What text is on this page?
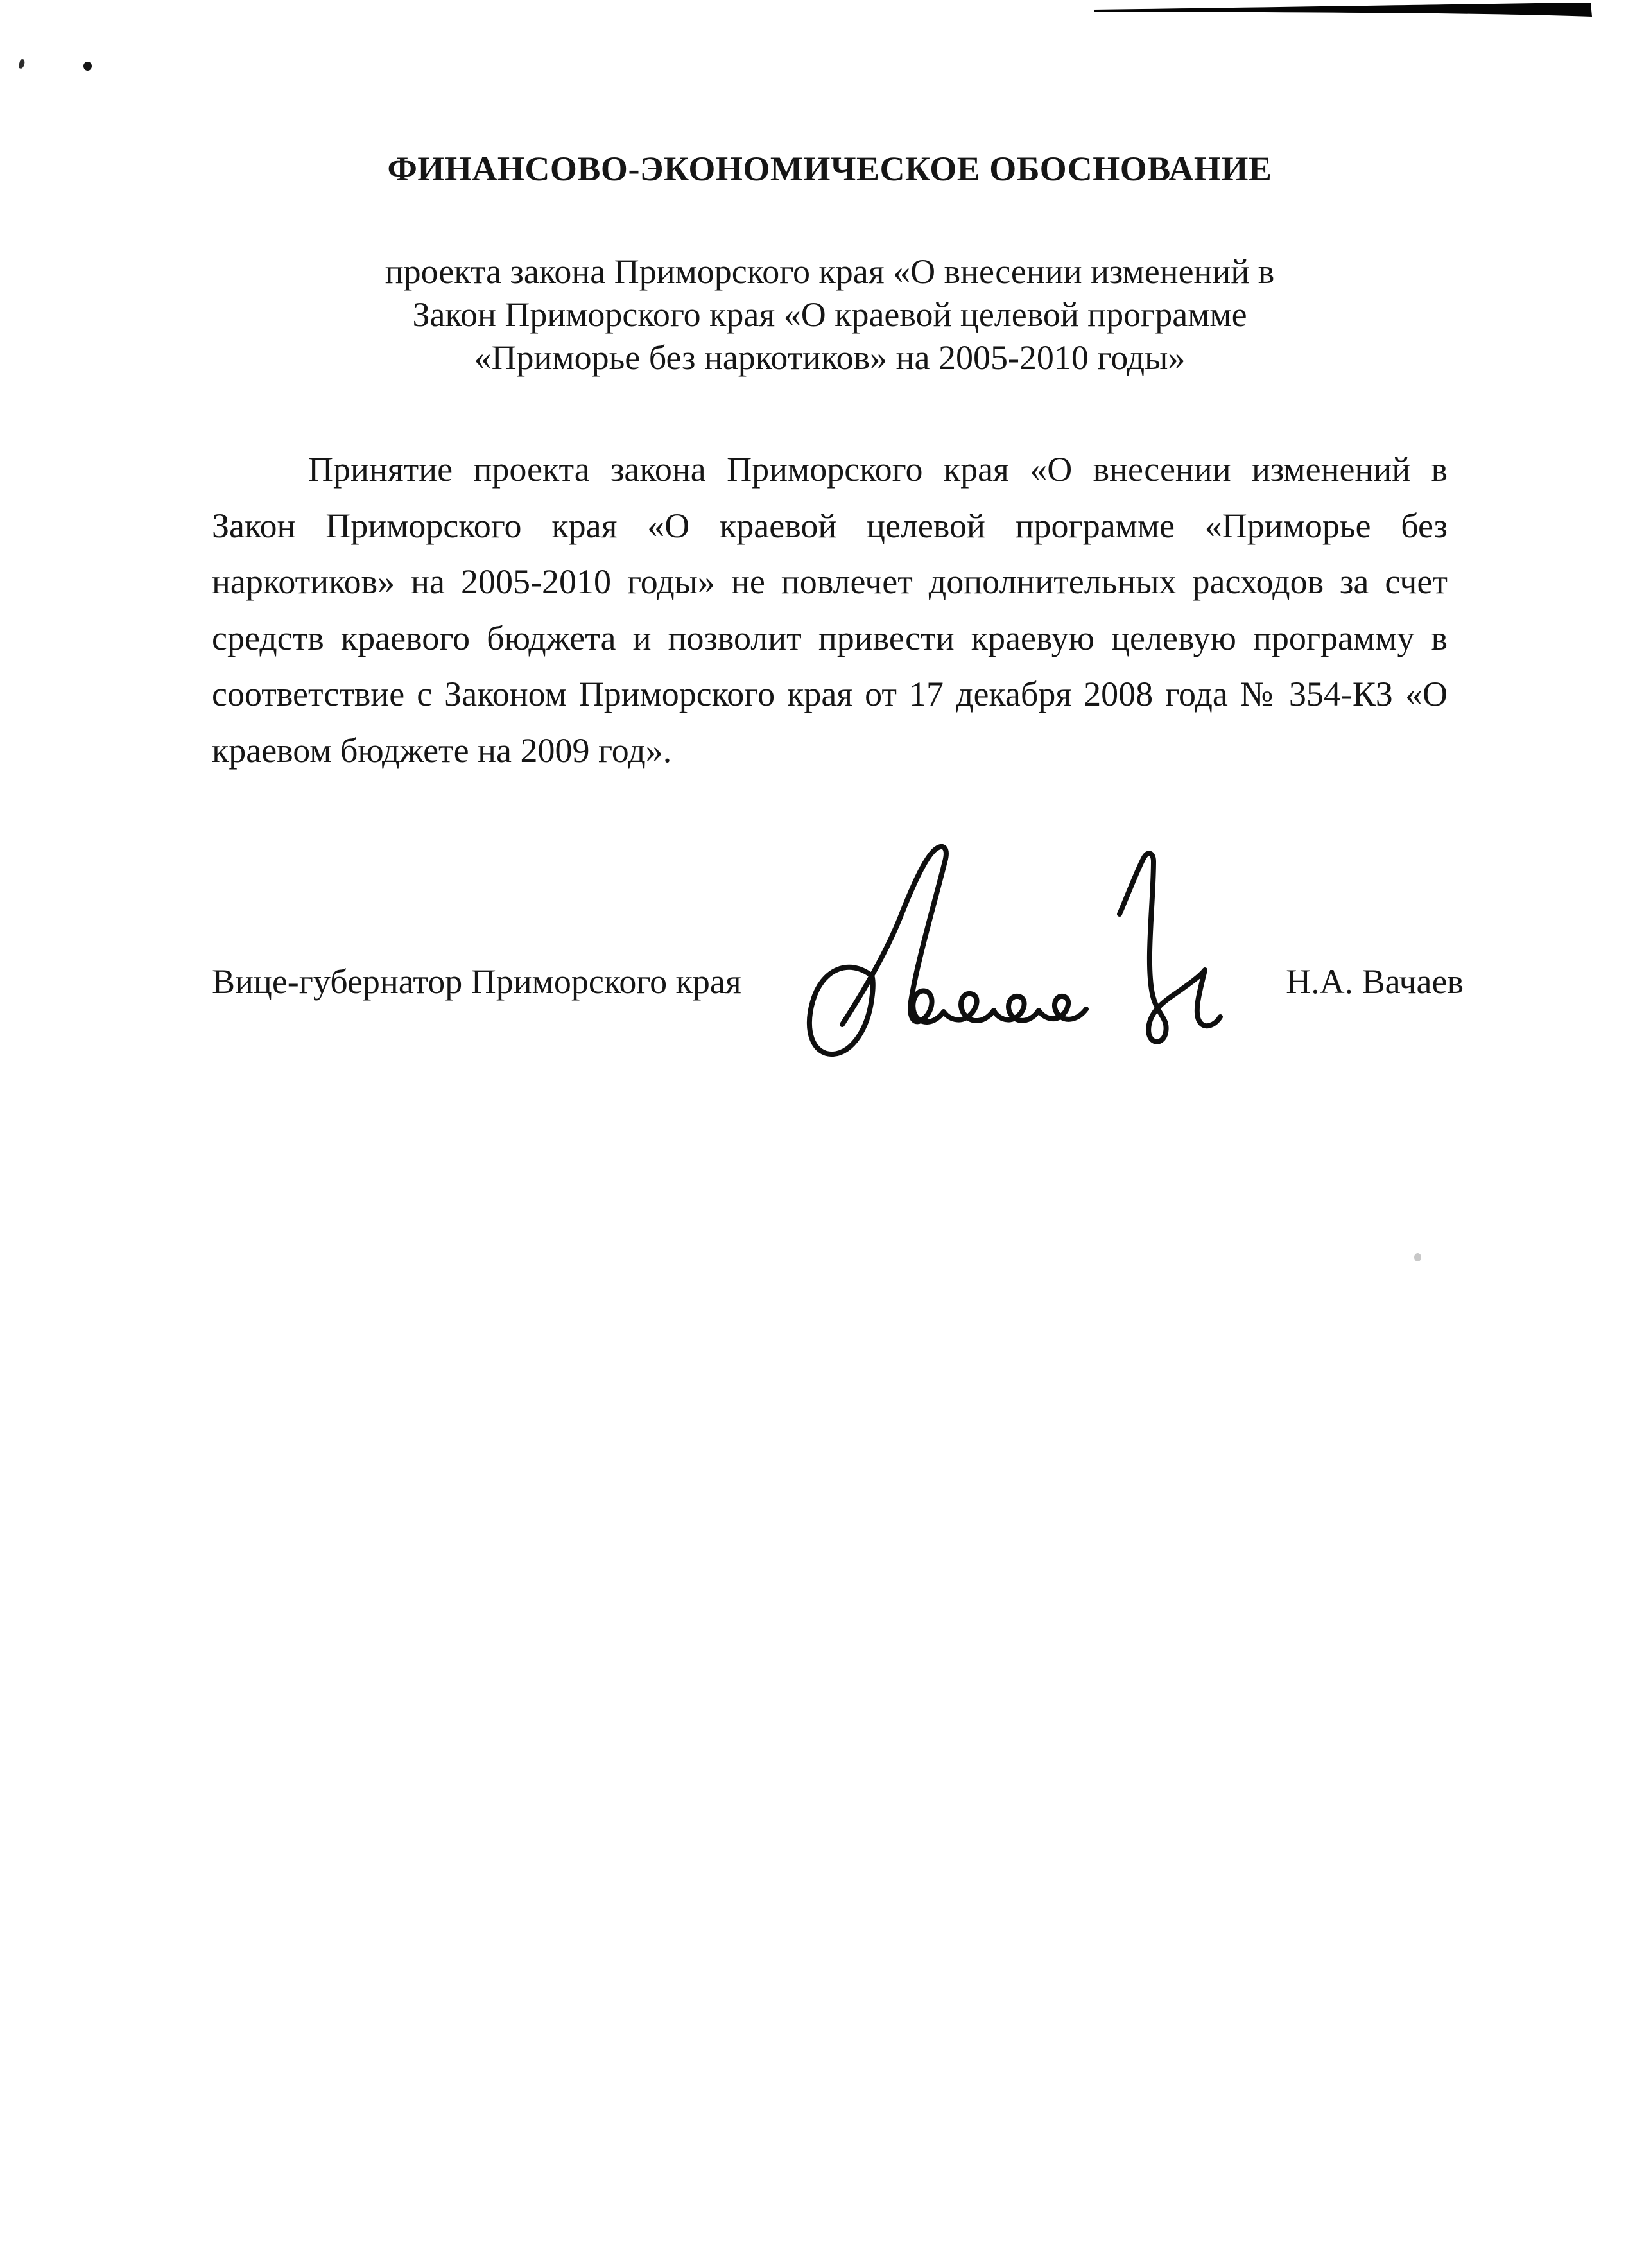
ФИНАНСОВО-ЭКОНОМИЧЕСКОЕ ОБОСНОВАНИЕ
проекта закона Приморского края «О внесении изменений в
Закон Приморского края «О краевой целевой программе
«Приморье без наркотиков» на 2005-2010 годы»
Принятие проекта закона Приморского края «О внесении изменений в
Закон Приморского края «О краевой целевой программе «Приморье без
наркотиков» на 2005-2010 годы» не повлечет дополнительных расходов за счет
средств краевого бюджета и позволит привести краевую целевую программу в
соответствие с Законом Приморского края от 17 декабря 2008 года № 354-КЗ «О
краевом бюджете на 2009 год».
Вице-губернатор Приморского края	Н.А. Вачаев
